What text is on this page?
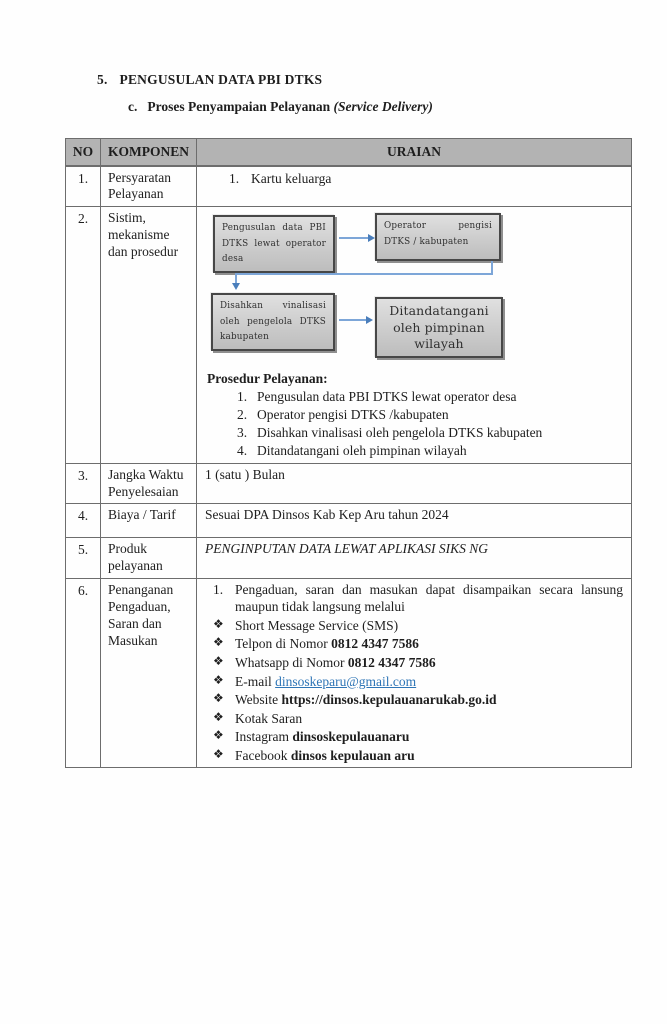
5. PENGUSULAN DATA PBI DTKS
c. Proses Penyampaian Pelayanan (Service Delivery)
NO	KOMPONEN	URAIAN
1.	Persyaratan Pelayanan	1. Kartu keluarga

2.	Sistim, mekanisme dan prosedur	
Pengusulan data PBI DTKS lewat operator desa
Operator pengisi DTKS / kabupaten
Disahkan vinalisasi oleh pengelola DTKS kabupaten
Ditandatangani oleh pimpinan wilayah
Prosedur Pelayanan:
1. Pengusulan data PBI DTKS lewat operator desa
2. Operator pengisi DTKS /kabupaten
3. Disahkan vinalisasi oleh pengelola DTKS kabupaten
4. Ditandatangani oleh pimpinan wilayah

3.	Jangka Waktu Penyelesaian	1 (satu ) Bulan
4.	Biaya / Tarif	Sesuai DPA Dinsos Kab Kep Aru tahun 2024
5.	Produk pelayanan	PENGINPUTAN DATA LEWAT APLIKASI SIKS NG
6.	Penanganan Pengaduan, Saran dan Masukan	
1. Pengaduan, saran dan masukan dapat disampaikan secara lansung maupun tidak langsung melalui
❖ Short Message Service (SMS)
❖ Telpon di Nomor 0812 4347 7586
❖ Whatsapp di Nomor 0812 4347 7586
❖ E-mail dinsoskeparu@gmail.com
❖ Website https://dinsos.kepulauanarukab.go.id
❖ Kotak Saran
❖ Instagram dinsoskepulauanaru
❖ Facebook dinsos kepulauan aru
